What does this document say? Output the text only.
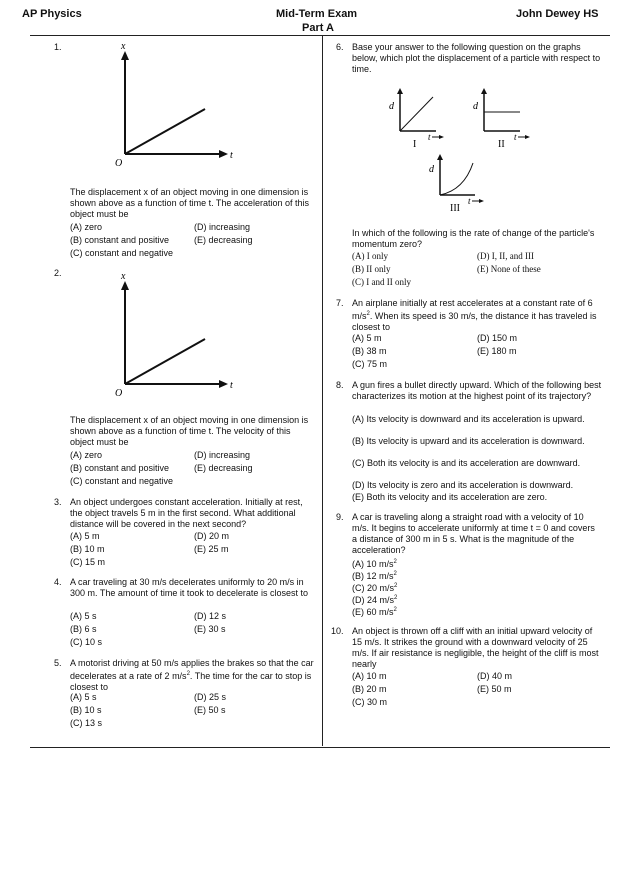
AP Physics	Mid-Term Exam	John Dewey HS
Part A
1.	x
t
O
The displacement x of an object moving in one dimension is shown above as a function of time t. The acceleration of this object must be
(A) zero
(B) constant and positive
(C) constant and negative
(D) increasing
(E) decreasing
2.	x
t
O
The displacement x of an object moving in one dimension is shown above as a function of time t. The velocity of this object must be
(A) zero
(B) constant and positive
(C) constant and negative
(D) increasing
(E) decreasing
3. An object undergoes constant acceleration. Initially at rest, the object travels 5 m in the first second. What additional distance will be covered in the next second?
(A) 5 m
(B) 10 m
(C) 15 m
(D) 20 m
(E) 25 m
4. A car traveling at 30 m/s decelerates uniformly to 20 m/s in 300 m. The amount of time it took to decelerate is closest to
(A) 5 s
(B) 6 s
(C) 10 s
(D) 12 s
(E) 30 s
5. A motorist driving at 50 m/s applies the brakes so that the car decelerates at a rate of 2 $m/s^2$. The time for the car to stop is closest to
(A) 5 s
(B) 10 s
(C) 13 s
(D) 25 s
(E) 50 s
6. Base your answer to the following question on the graphs below, which plot the displacement of a particle with respect to time.
d
t
I
d
t
II
d
t
III
In which of the following is the rate of change of the particle's momentum zero?
(A) I only
(B) II only
(C) I and II only
(D) I, II, and III
(E) None of these
7. An airplane initially at rest accelerates at a constant rate of 6 $m/s^2$. When its speed is 30 m/s, the distance it has traveled is closest to
(A) 5 m
(B) 38 m
(C) 75 m
(D) 150 m
(E) 180 m
8. A gun fires a bullet directly upward. Which of the following best characterizes its motion at the highest point of its trajectory?
(A) Its velocity is downward and its acceleration is upward.
(B) Its velocity is upward and its acceleration is downward.
(C) Both its velocity is and its acceleration are downward.
(D) Its velocity is zero and its acceleration is downward.
(E) Both its velocity and its acceleration are zero.
9. A car is traveling along a straight road with a velocity of 10 m/s. It begins to accelerate uniformly at time t = 0 and covers a distance of 300 m in 5 s. What is the magnitude of the acceleration?
(A) 10 $m/s^2$
(B) 12 $m/s^2$
(C) 20 $m/s^2$
(D) 24 $m/s^2$
(E) 60 $m/s^2$
10. An object is thrown off a cliff with an initial upward velocity of 15 m/s. It strikes the ground with a downward velocity of 25 m/s. If air resistance is negligible, the height of the cliff is most nearly
(A) 10 m
(B) 20 m
(C) 30 m
(D) 40 m
(E) 50 m
